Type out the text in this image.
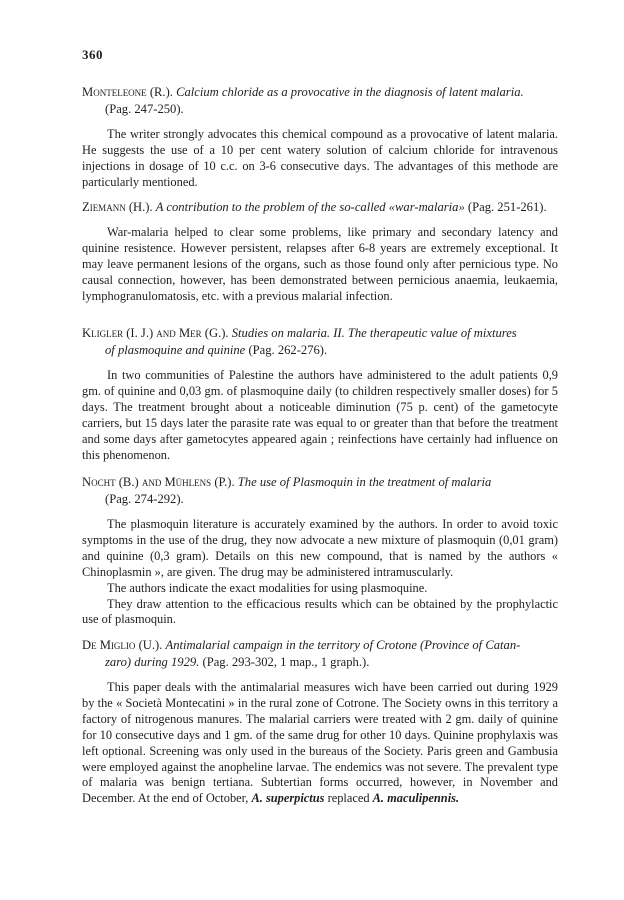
360
Monteleone (R.). Calcium chloride as a provocative in the diagnosis of latent malaria.
(Pag. 247-250).

The writer strongly advocates this chemical compound as a provocative of latent malaria. He suggests the use of a 10 per cent watery solution of calcium chloride for intravenous injections in dosage of 10 c.c. on 3-6 consecutive days. The advantages of this methode are particularly mentioned.

Ziemann (H.). A contribution to the problem of the so-called «war-malaria» (Pag. 251-261).

War-malaria helped to clear some problems, like primary and secondary latency and quinine resistence. However persistent, relapses after 6-8 years are extremely exceptional. It may leave permanent lesions of the organs, such as those found only after pernicious type. No causal connection, however, has been demonstrated between pernicious anaemia, leukaemia, lymphogranulomatosis, etc. with a previous malarial infection.

Kligler (I. J.) and Mer (G.). Studies on malaria. II. The therapeutic value of mixtures
of plasmoquine and quinine (Pag. 262-276).

In two communities of Palestine the authors have administered to the adult patients 0,9 gm. of quinine and 0,03 gm. of plasmoquine daily (to children respectively smaller doses) for 5 days. The treatment brought about a noticeable diminution (75 p. cent) of the gametocyte carriers, but 15 days later the parasite rate was equal to or greater than that before the treatment and some days after gametocytes appeared again ; reinfections have certainly had influence on this phenomenon.

Nocht (B.) and Mühlens (P.). The use of Plasmoquin in the treatment of malaria
(Pag. 274-292).

The plasmoquin literature is accurately examined by the authors. In order to avoid toxic symptoms in the use of the drug, they now advocate a new mixture of plasmoquin (0,01 gram) and quinine (0,3 gram). Details on this new compound, that is named by the authors « Chinoplasmin », are given. The drug may be administered intramuscularly.

The authors indicate the exact modalities for using plasmoquine.

They draw attention to the efficacious results which can be obtained by the prophylactic use of plasmoquin.

De Miglio (U.). Antimalarial campaign in the territory of Crotone (Province of Catan-
zaro) during 1929. (Pag. 293-302, 1 map., 1 graph.).

This paper deals with the antimalarial measures wich have been carried out during 1929 by the « Società Montecatini » in the rural zone of Cotrone. The Society owns in this territory a factory of nitrogenous manures. The malarial carriers were treated with 2 gm. daily of quinine for 10 consecutive days and 1 gm. of the same drug for other 10 days. Quinine prophylaxis was left optional. Screening was only used in the bureaus of the Society. Paris green and Gambusia were employed against the anopheline larvae. The endemics was not severe. The prevalent type of malaria was benign tertiana. Subtertian forms occurred, however, in November and December. At the end of October, A. superpictus replaced A. maculipennis.
